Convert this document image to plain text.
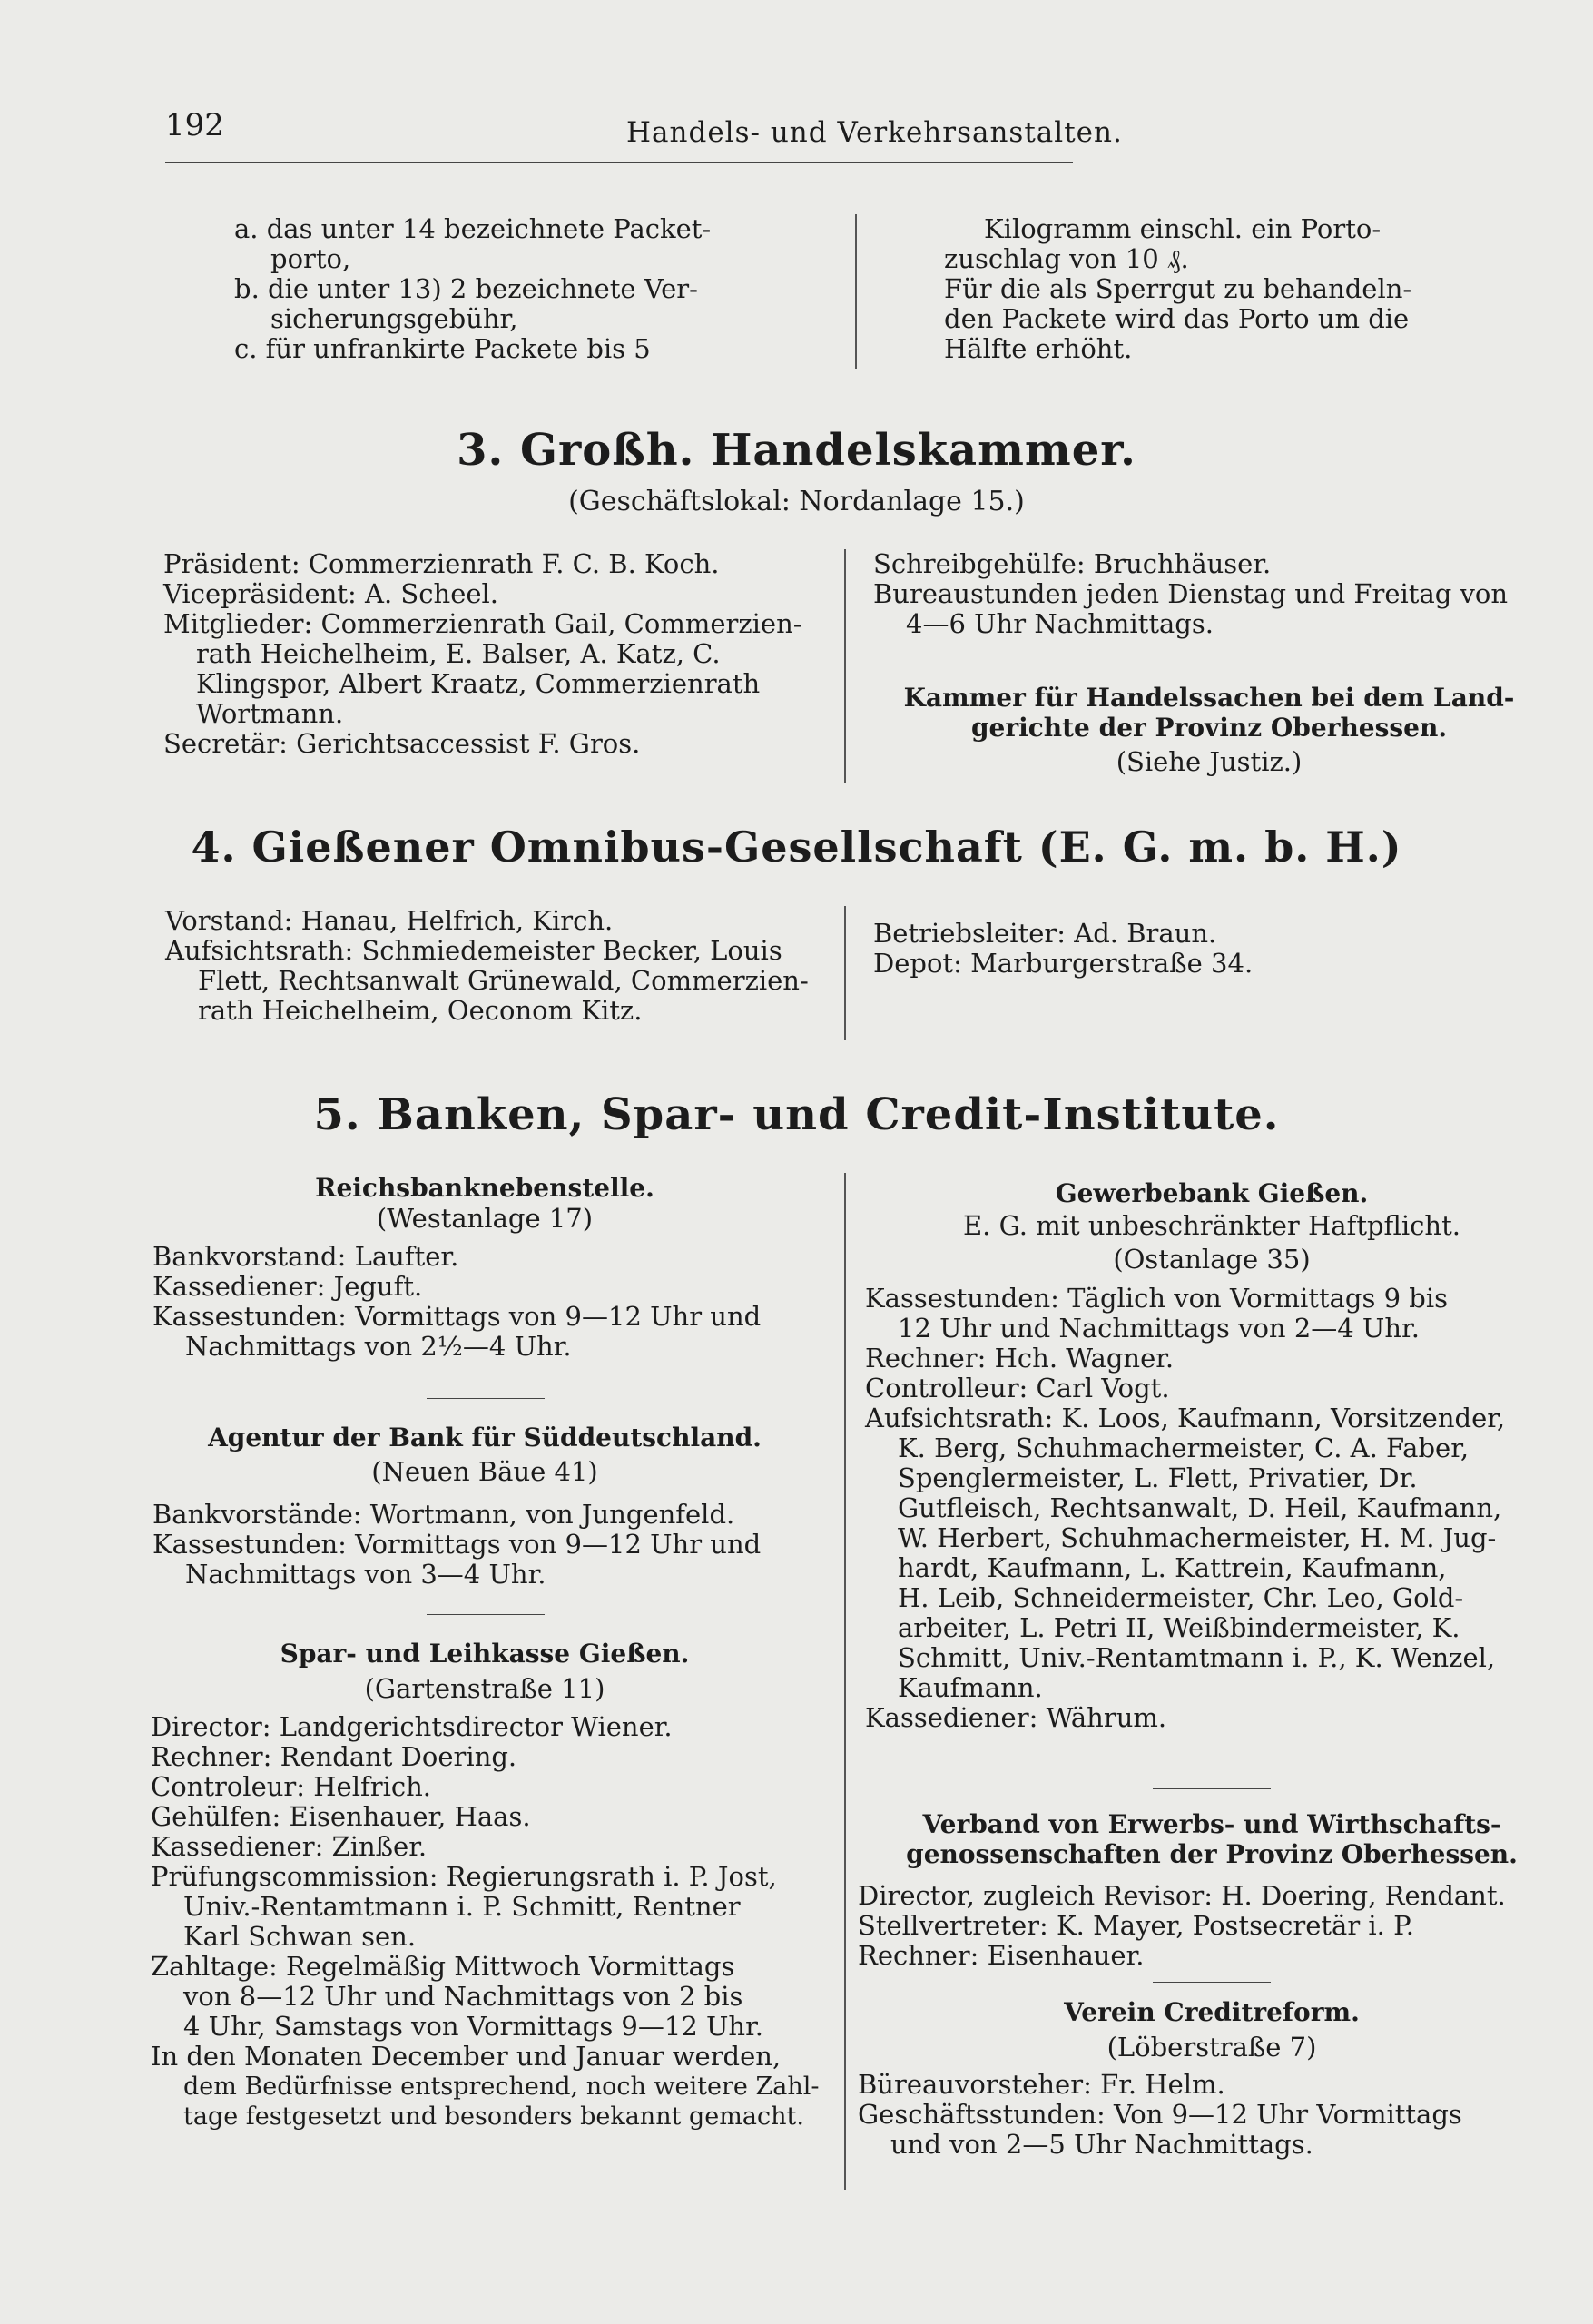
192	Handels- und Verkehrsanstalten.
a. das unter 14 bezeichnete Packet-
porto,
b. die unter 13) 2 bezeichnete Ver-
sicherungsgebühr,
c. für unfrankirte Packete bis 5
Kilogramm einschl. ein Porto-
zuschlag von 10 ₰.
Für die als Sperrgut zu behandeln-
den Packete wird das Porto um die
Hälfte erhöht.
3. Großh. Handelskammer.
(Geschäftslokal: Nordanlage 15.)
Präsident: Commerzienrath F. C. B. Koch.
Vicepräsident: A. Scheel.
Mitglieder: Commerzienrath Gail, Commerzien-
rath Heichelheim, E. Balser, A. Katz, C.
Klingspor, Albert Kraatz, Commerzienrath
Wortmann.
Secretär: Gerichtsaccessist F. Gros.
Schreibgehülfe: Bruchhäuser.
Bureaustunden jeden Dienstag und Freitag von
4—6 Uhr Nachmittags.
Kammer für Handelssachen bei dem Land-
gerichte der Provinz Oberhessen.
(Siehe Justiz.)
4. Gießener Omnibus-Gesellschaft (E. G. m. b. H.)
Vorstand: Hanau, Helfrich, Kirch.
Aufsichtsrath: Schmiedemeister Becker, Louis
Flett, Rechtsanwalt Grünewald, Commerzien-
rath Heichelheim, Oeconom Kitz.
Betriebsleiter: Ad. Braun.
Depot: Marburgerstraße 34.
5. Banken, Spar- und Credit-Institute.
Reichsbanknebenstelle.
(Westanlage 17)
Bankvorstand: Laufter.
Kassediener: Jeguft.
Kassestunden: Vormittags von 9—12 Uhr und
Nachmittags von 2½—4 Uhr.
Agentur der Bank für Süddeutschland.
(Neuen Bäue 41)
Bankvorstände: Wortmann, von Jungenfeld.
Kassestunden: Vormittags von 9—12 Uhr und
Nachmittags von 3—4 Uhr.
Spar- und Leihkasse Gießen.
(Gartenstraße 11)
Director: Landgerichtsdirector Wiener.
Rechner: Rendant Doering.
Controleur: Helfrich.
Gehülfen: Eisenhauer, Haas.
Kassediener: Zinßer.
Prüfungscommission: Regierungsrath i. P. Jost,
Univ.-Rentamtmann i. P. Schmitt, Rentner
Karl Schwan sen.
Zahltage: Regelmäßig Mittwoch Vormittags
von 8—12 Uhr und Nachmittags von 2 bis
4 Uhr, Samstags von Vormittags 9—12 Uhr.
In den Monaten December und Januar werden,
dem Bedürfnisse entsprechend, noch weitere Zahl-
tage festgesetzt und besonders bekannt gemacht.
Gewerbebank Gießen.
E. G. mit unbeschränkter Haftpflicht.
(Ostanlage 35)
Kassestunden: Täglich von Vormittags 9 bis
12 Uhr und Nachmittags von 2—4 Uhr.
Rechner: Hch. Wagner.
Controlleur: Carl Vogt.
Aufsichtsrath: K. Loos, Kaufmann, Vorsitzender,
K. Berg, Schuhmachermeister, C. A. Faber,
Spenglermeister, L. Flett, Privatier, Dr.
Gutfleisch, Rechtsanwalt, D. Heil, Kaufmann,
W. Herbert, Schuhmachermeister, H. M. Jug-
hardt, Kaufmann, L. Kattrein, Kaufmann,
H. Leib, Schneidermeister, Chr. Leo, Gold-
arbeiter, L. Petri II, Weißbindermeister, K.
Schmitt, Univ.-Rentamtmann i. P., K. Wenzel,
Kaufmann.
Kassediener: Währum.
Verband von Erwerbs- und Wirthschafts-
genossenschaften der Provinz Oberhessen.
Director, zugleich Revisor: H. Doering, Rendant.
Stellvertreter: K. Mayer, Postsecretär i. P.
Rechner: Eisenhauer.
Verein Creditreform.
(Löberstraße 7)
Büreauvorsteher: Fr. Helm.
Geschäftsstunden: Von 9—12 Uhr Vormittags
und von 2—5 Uhr Nachmittags.
